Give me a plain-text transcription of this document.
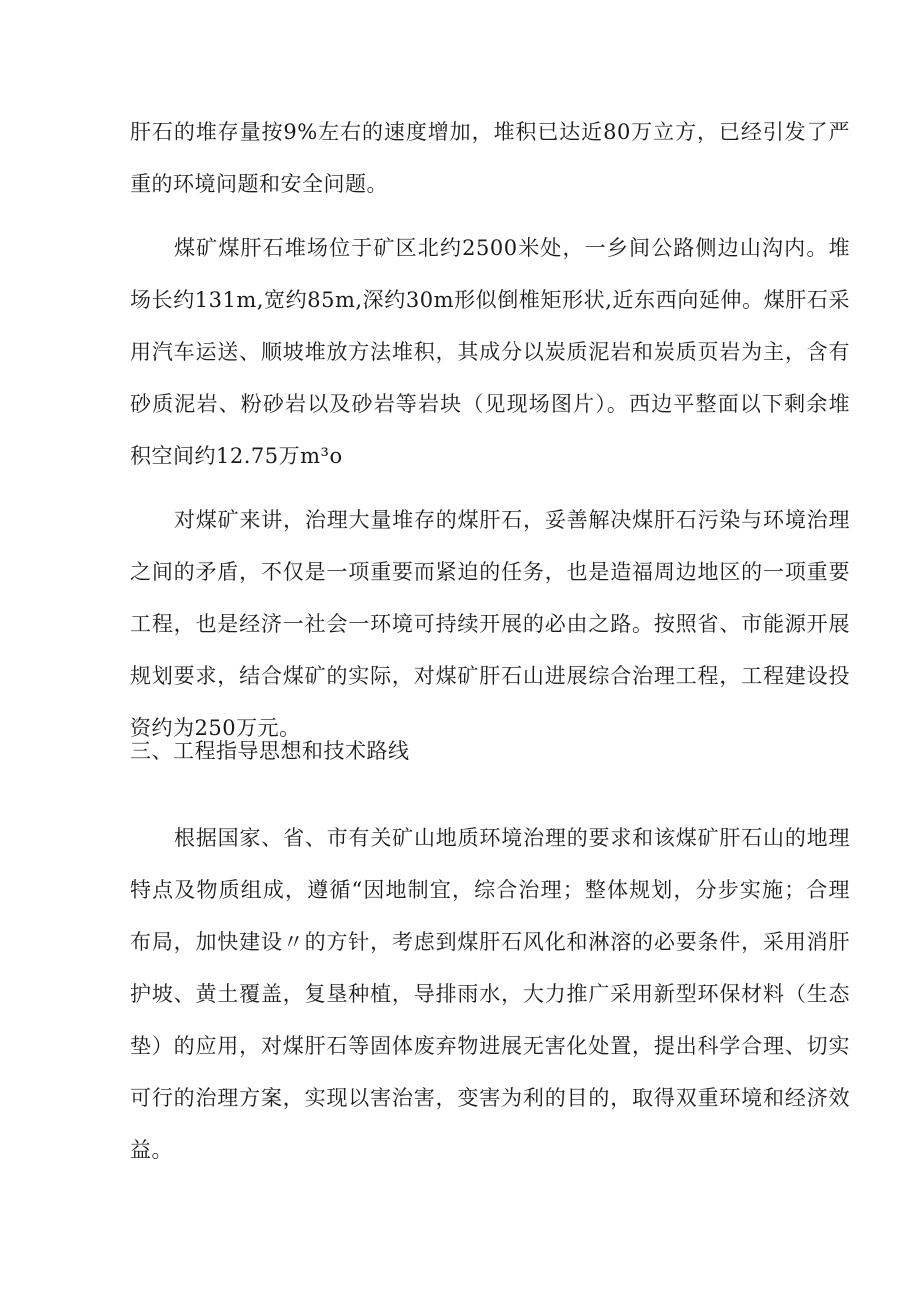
肝石的堆存量按9%左右的速度增加，堆积已达近80万立方，已经引发了严重的环境问题和安全问题。

煤矿煤肝石堆场位于矿区北约2500米处，一乡间公路侧边山沟内。堆场长约131m,宽约85m,深约30m形似倒椎矩形状,近东西向延伸。煤肝石采用汽车运送、顺坡堆放方法堆积，其成分以炭质泥岩和炭质页岩为主，含有砂质泥岩、粉砂岩以及砂岩等岩块（见现场图片）。西边平整面以下剩余堆积空间约12.75万m³o

对煤矿来讲，治理大量堆存的煤肝石，妥善解决煤肝石污染与环境治理之间的矛盾，不仅是一项重要而紧迫的任务，也是造福周边地区的一项重要工程，也是经济一社会一环境可持续开展的必由之路。按照省、市能源开展规划要求，结合煤矿的实际，对煤矿肝石山进展综合治理工程，工程建设投资约为250万元。

三、工程指导思想和技术路线

根据国家、省、市有关矿山地质环境治理的要求和该煤矿肝石山的地理特点及物质组成，遵循“因地制宜，综合治理；整体规划，分步实施；合理布局，加快建设〃的方针，考虑到煤肝石风化和淋溶的必要条件，采用消肝护坡、黄土覆盖，复垦种植，导排雨水，大力推广采用新型环保材料（生态垫）的应用，对煤肝石等固体废弃物进展无害化处置，提出科学合理、切实可行的治理方案，实现以害治害，变害为利的目的，取得双重环境和经济效益。
